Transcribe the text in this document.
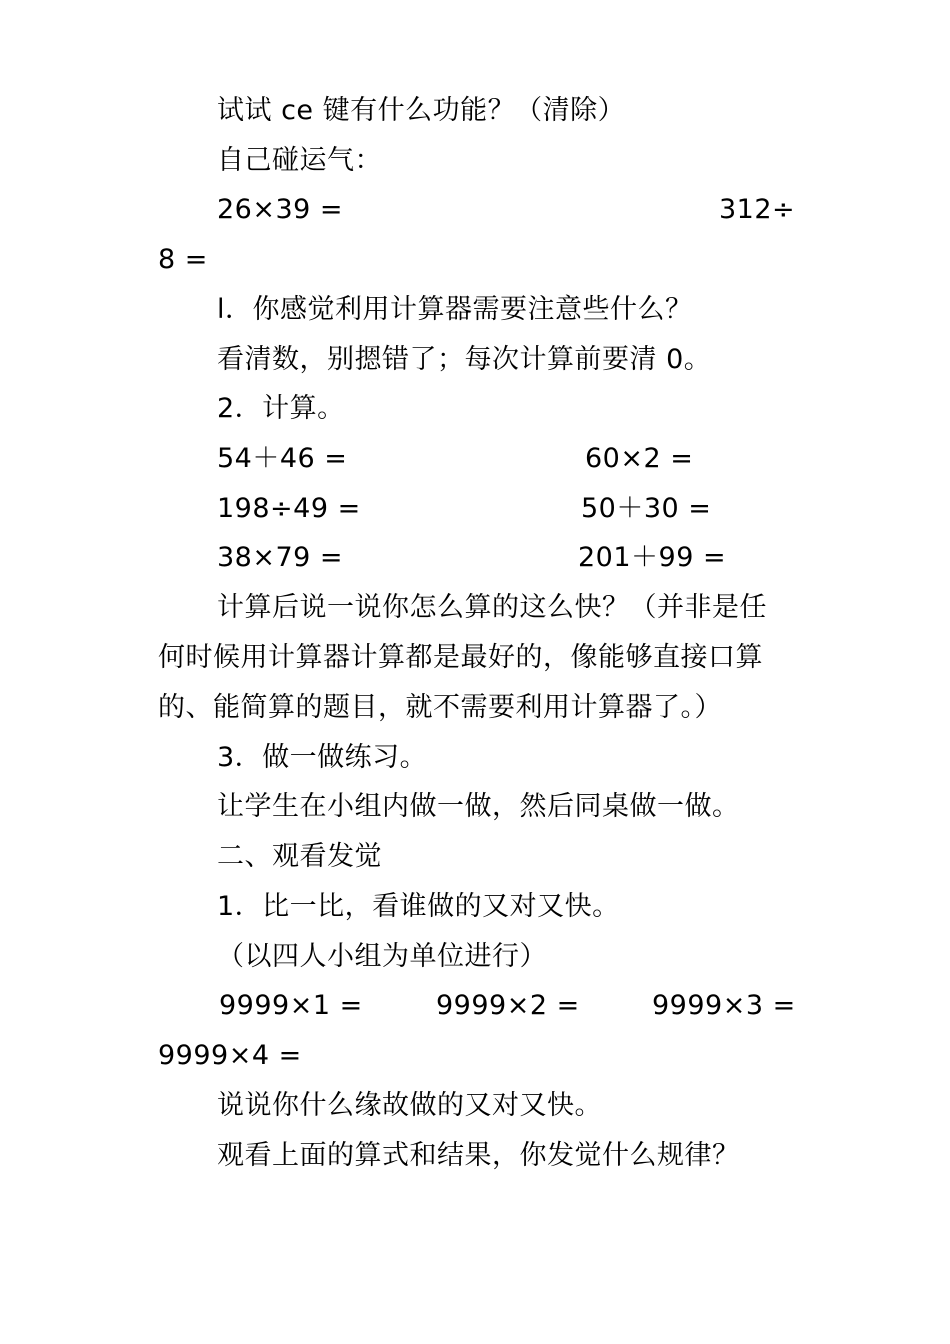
试试 ce 键有什么功能？（清除）
自己碰运气：
26×39 =	312÷
8 =
l．你感觉利用计算器需要注意些什么？
看清数，别摁错了；每次计算前要清 0。
2．计算。
54＋46 =	60×2 =
198÷49 =	50＋30 =
38×79 =	201＋99 =
计算后说一说你怎么算的这么快？（并非是任
何时候用计算器计算都是最好的，像能够直接口算
的、能简算的题目，就不需要利用计算器了。）
3．做一做练习。
让学生在小组内做一做，然后同桌做一做。
二、观看发觉
1．比一比，看谁做的又对又快。
（以四人小组为单位进行）
9999×1 =	9999×2 =	9999×3 =
9999×4 =
说说你什么缘故做的又对又快。
观看上面的算式和结果，你发觉什么规律？
